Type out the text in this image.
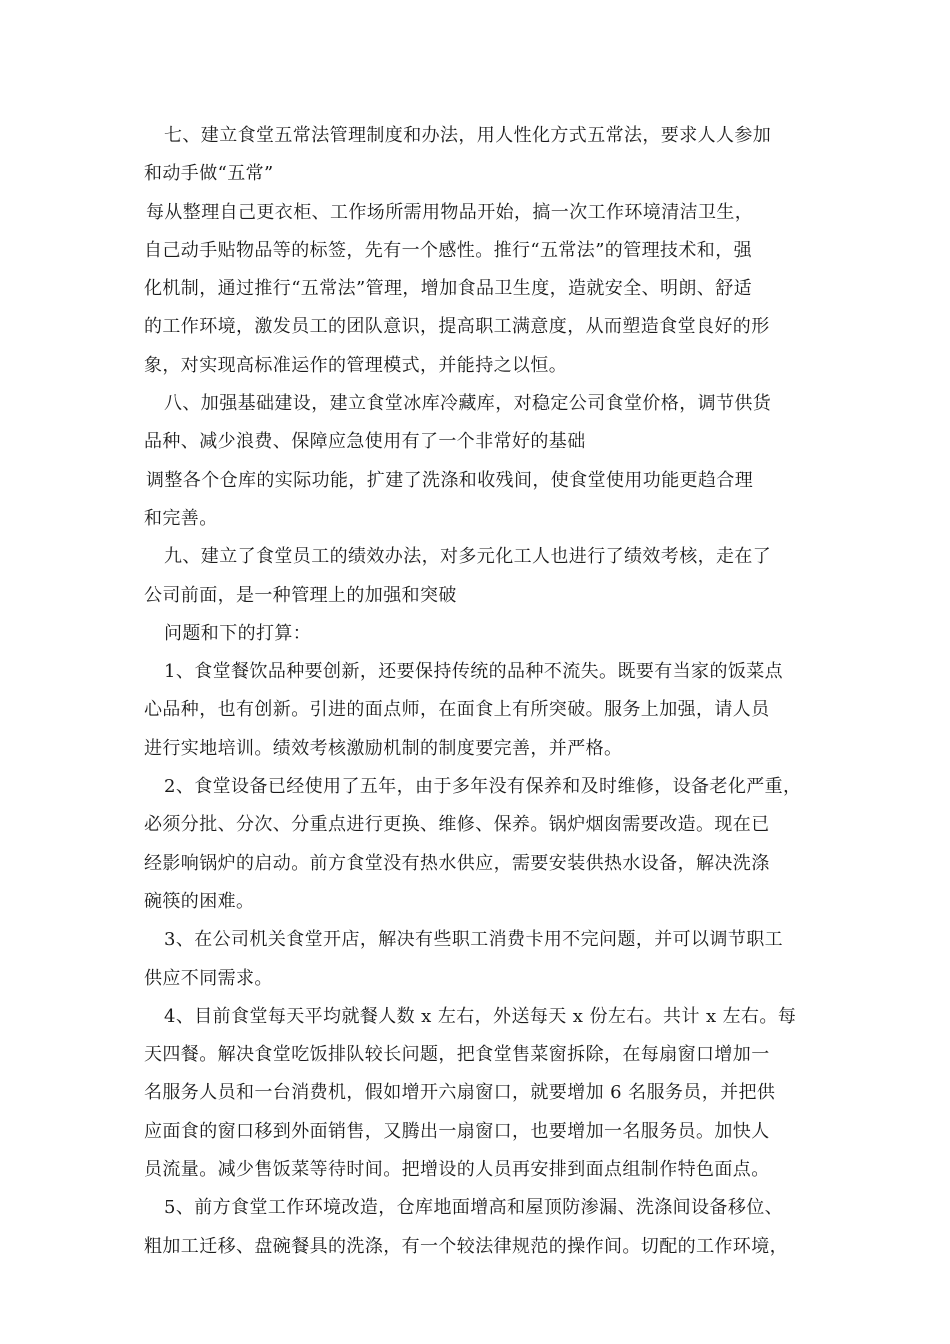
七、建立食堂五常法管理制度和办法，用人性化方式五常法，要求人人参加
和动手做“五常”
每从整理自己更衣柜、工作场所需用物品开始，搞一次工作环境清洁卫生，
自己动手贴物品等的标签，先有一个感性。推行“五常法”的管理技术和，强
化机制，通过推行“五常法”管理，增加食品卫生度，造就安全、明朗、舒适
的工作环境，激发员工的团队意识，提高职工满意度，从而塑造食堂良好的形
象，对实现高标准运作的管理模式，并能持之以恒。
八、加强基础建设，建立食堂冰库冷藏库，对稳定公司食堂价格，调节供货
品种、减少浪费、保障应急使用有了一个非常好的基础
调整各个仓库的实际功能，扩建了洗涤和收残间，使食堂使用功能更趋合理
和完善。
九、建立了食堂员工的绩效办法，对多元化工人也进行了绩效考核，走在了
公司前面，是一种管理上的加强和突破
问题和下的打算：
1、食堂餐饮品种要创新，还要保持传统的品种不流失。既要有当家的饭菜点
心品种，也有创新。引进的面点师，在面食上有所突破。服务上加强，请人员
进行实地培训。绩效考核激励机制的制度要完善，并严格。
2、食堂设备已经使用了五年，由于多年没有保养和及时维修，设备老化严重，
必须分批、分次、分重点进行更换、维修、保养。锅炉烟囱需要改造。现在已
经影响锅炉的启动。前方食堂没有热水供应，需要安装供热水设备，解决洗涤
碗筷的困难。
3、在公司机关食堂开店，解决有些职工消费卡用不完问题，并可以调节职工
供应不同需求。
4、目前食堂每天平均就餐人数 x 左右，外送每天 x 份左右。共计 x 左右。每
天四餐。解决食堂吃饭排队较长问题，把食堂售菜窗拆除，在每扇窗口增加一
名服务人员和一台消费机，假如增开六扇窗口，就要增加 6 名服务员，并把供
应面食的窗口移到外面销售，又腾出一扇窗口，也要增加一名服务员。加快人
员流量。减少售饭菜等待时间。把增设的人员再安排到面点组制作特色面点。
5、前方食堂工作环境改造，仓库地面增高和屋顶防渗漏、洗涤间设备移位、
粗加工迁移、盘碗餐具的洗涤，有一个较法律规范的操作间。切配的工作环境，
